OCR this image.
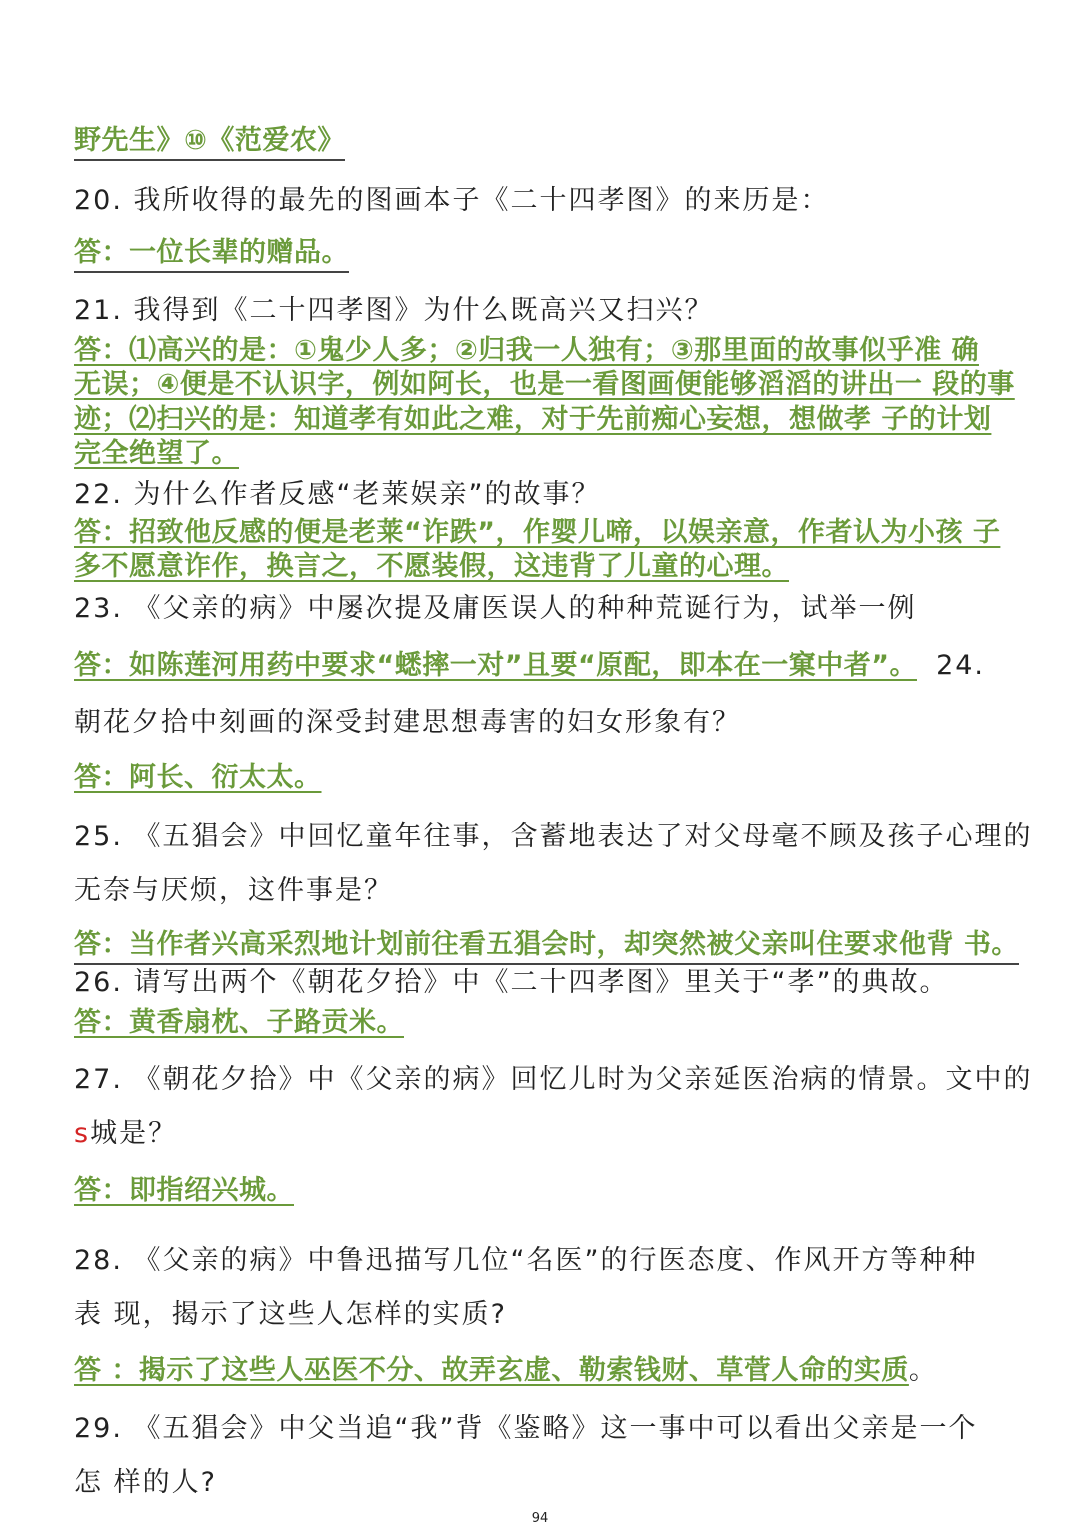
野先生》⑩《范爱农》
20. 我所收得的最先的图画本子《二十四孝图》的来历是：
答：一位长辈的赠品。
21. 我得到《二十四孝图》为什么既高兴又扫兴？
答：⑴高兴的是：①鬼少人多；②归我一人独有；③那里面的故事似乎准 确
无误；④便是不认识字，例如阿长，也是一看图画便能够滔滔的讲出一 段的事
迹；⑵扫兴的是：知道孝有如此之难，对于先前痴心妄想，想做孝 子的计划
完全绝望了。
22. 为什么作者反感“老莱娱亲”的故事？
答：招致他反感的便是老莱“诈跌”，作婴儿啼，以娱亲意，作者认为小孩 子
多不愿意诈作，换言之，不愿装假，这违背了儿童的心理。
23. 《父亲的病》中屡次提及庸医误人的种种荒诞行为，试举一例
答：如陈莲河用药中要求“蟋摔一对”且要“原配，即本在一窠中者”。 24.
朝花夕拾中刻画的深受封建思想毒害的妇女形象有？
答：阿长、衍太太。
25. 《五猖会》中回忆童年往事，含蓄地表达了对父母毫不顾及孩子心理的
无奈与厌烦，这件事是？
答：当作者兴高采烈地计划前往看五猖会时，却突然被父亲叫住要求他背 书。
26. 请写出两个《朝花夕拾》中《二十四孝图》里关于“孝”的典故。
答：黄香扇枕、子路贡米。
27. 《朝花夕拾》中《父亲的病》回忆儿时为父亲延医治病的情景。文中的
s城是？
答：即指绍兴城。
28. 《父亲的病》中鲁迅描写几位“名医”的行医态度、作风开方等种种
表 现，揭示了这些人怎样的实质?
答 ：揭示了这些人巫医不分、故弄玄虚、勒索钱财、草菅人命的实质。
29. 《五猖会》中父当追“我”背《鉴略》这一事中可以看出父亲是一个
怎 样的人?
94
